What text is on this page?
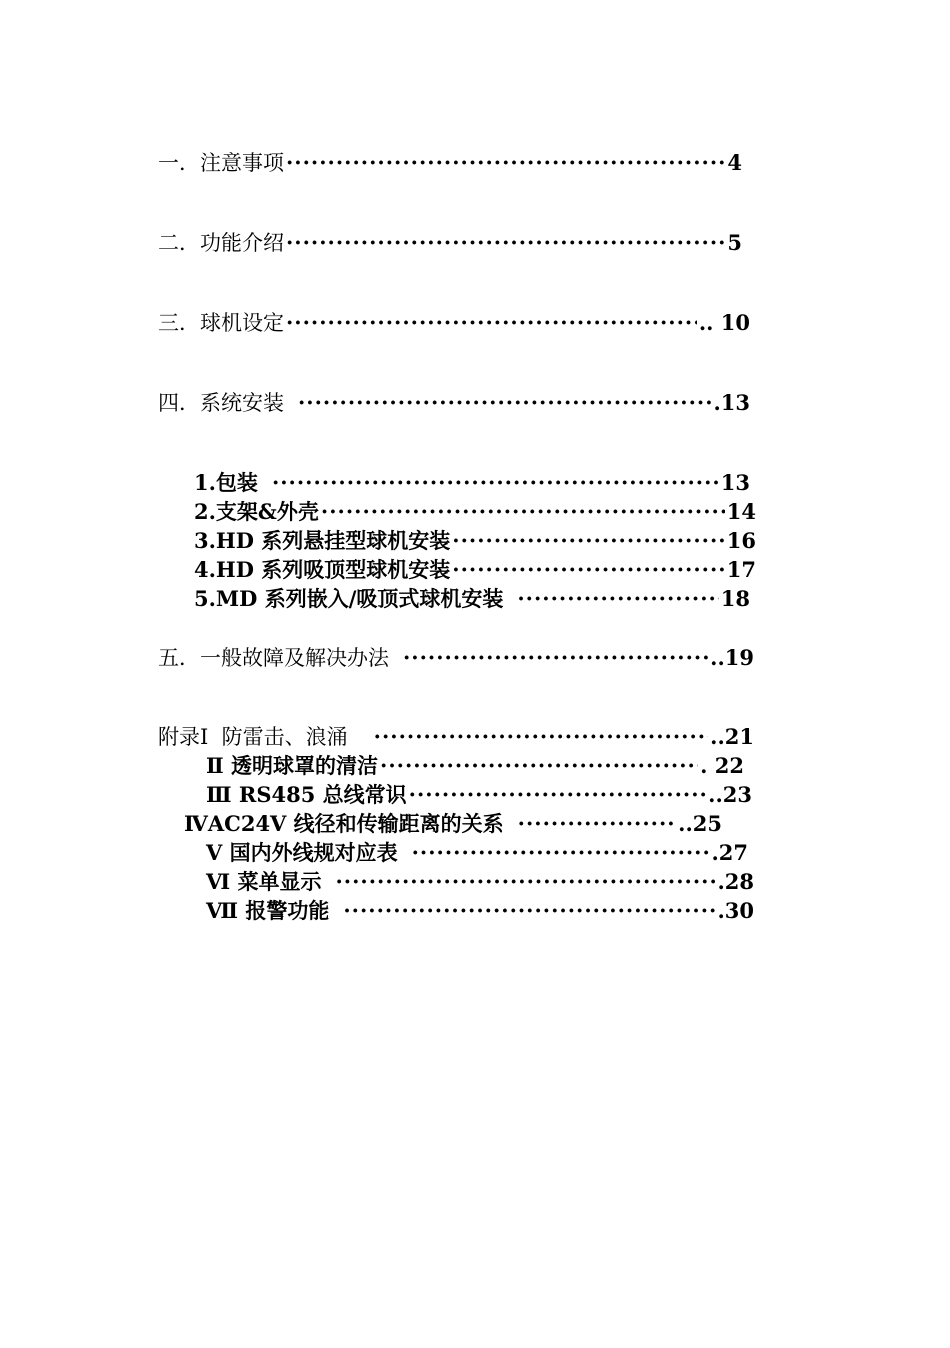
一．注意事项 ·····	4
二．功能介绍 ·····	5
三．球机设定 ·····	.. 10
四．系统安装 ·····	.13
1.包装 ·····	13
2.支架&外壳 ·····	14
3.HD 系列悬挂型球机安装 ·····	16
4.HD 系列吸顶型球机安装 ·····	17
5.MD 系列嵌入/吸顶式球机安装 ·····	18
五．一般故障及解决办法 ·····	..19
附录Ⅰ  防雷击、浪涌 ·····	..21
Ⅱ 透明球罩的清洁 ·····	. 22
Ⅲ RS485 总线常识 ·····	..23
ⅣAC24V 线径和传输距离的关系 ·····	..25
V 国内外线规对应表 ·····	.27
Ⅵ 菜单显示 ·····	.28
Ⅶ 报警功能 ·····	.30
